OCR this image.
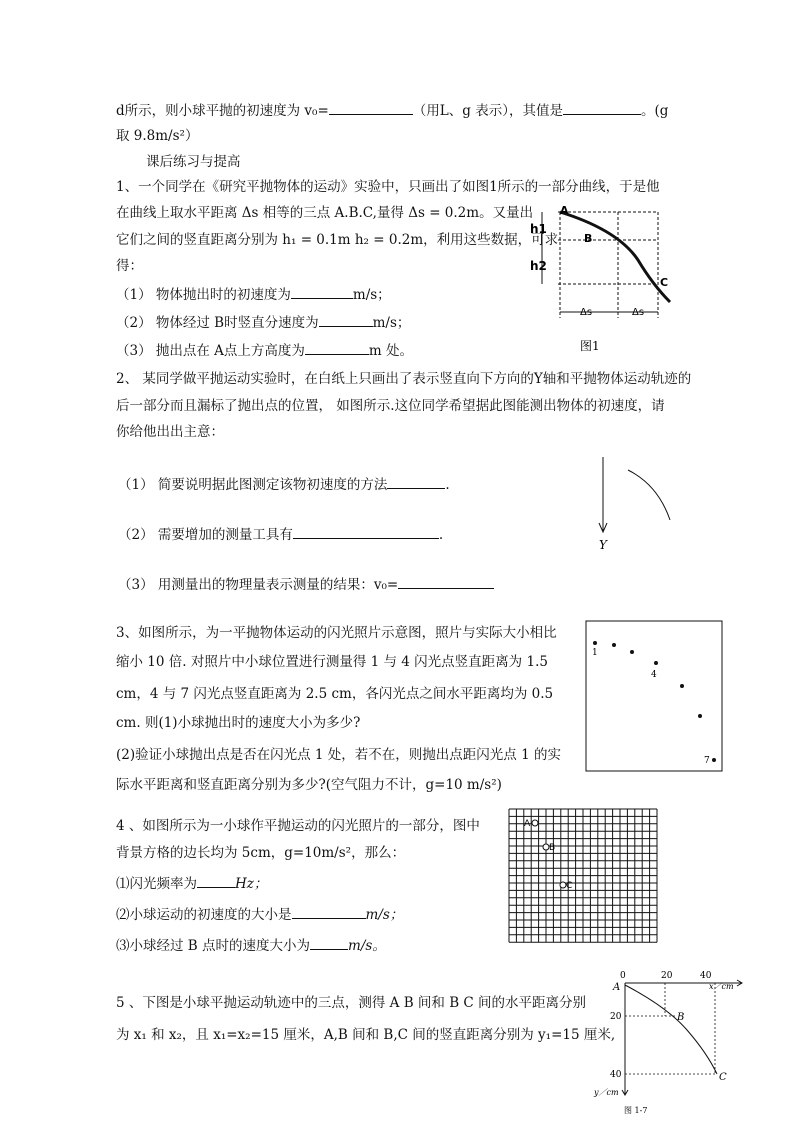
d所示，则小球平抛的初速度为 v₀=	（用L、g 表示），其值是	。(g
取 9.8m/s²）
课后练习与提高
1、一个同学在《研究平抛物体的运动》实验中，只画出了如图1所示的一部分曲线，于是他
在曲线上取水平距离 Δs 相等的三点 A.B.C,量得 Δs = 0.2m。又量出
它们之间的竖直距离分别为 h₁ = 0.1m h₂ = 0.2m，利用这些数据，可求
得：
（1） 物体抛出时的初速度为	m/s；
（2） 物体经过 B时竖直分速度为	m/s；
（3） 抛出点在 A点上方高度为	m 处。
A
B
C
h1
h2
Δs	Δs
图1
2、 某同学做平抛运动实验时，在白纸上只画出了表示竖直向下方向的Y轴和平抛物体运动轨迹的
后一部分而且漏标了抛出点的位置， 如图所示.这位同学希望据此图能测出物体的初速度，请
你给他出出主意：
（1） 简要说明据此图测定该物初速度的方法	.
（2） 需要增加的测量工具有	.
（3） 用测量出的物理量表示测量的结果：v₀=
Y
3、如图所示，为一平抛物体运动的闪光照片示意图，照片与实际大小相比
缩小 10 倍. 对照片中小球位置进行测量得 1 与 4 闪光点竖直距离为 1.5
cm，4 与 7 闪光点竖直距离为 2.5 cm，各闪光点之间水平距离均为 0.5
cm. 则(1)小球抛出时的速度大小为多少?
(2)验证小球抛出点是否在闪光点 1 处，若不在，则抛出点距闪光点 1 的实
际水平距离和竖直距离分别为多少?(空气阻力不计，g=10 m/s²)
1
4
7
4 、如图所示为一小球作平抛运动的闪光照片的一部分，图中
背景方格的边长均为 5cm，g=10m/s²，那么：
⑴闪光频率为	Hz；
⑵小球运动的初速度的大小是	m/s；
⑶小球经过 B 点时的速度大小为	m/s。
A
B
C
5 、下图是小球平抛运动轨迹中的三点，测得 A B 间和 B C 间的水平距离分别
为 x₁ 和 x₂，且 x₁=x₂=15 厘米，A,B 间和 B,C 间的竖直距离分别为 y₁=15 厘米,
0	20	40
x／cm
20
40
y／cm
A
B
C
图 1-7
